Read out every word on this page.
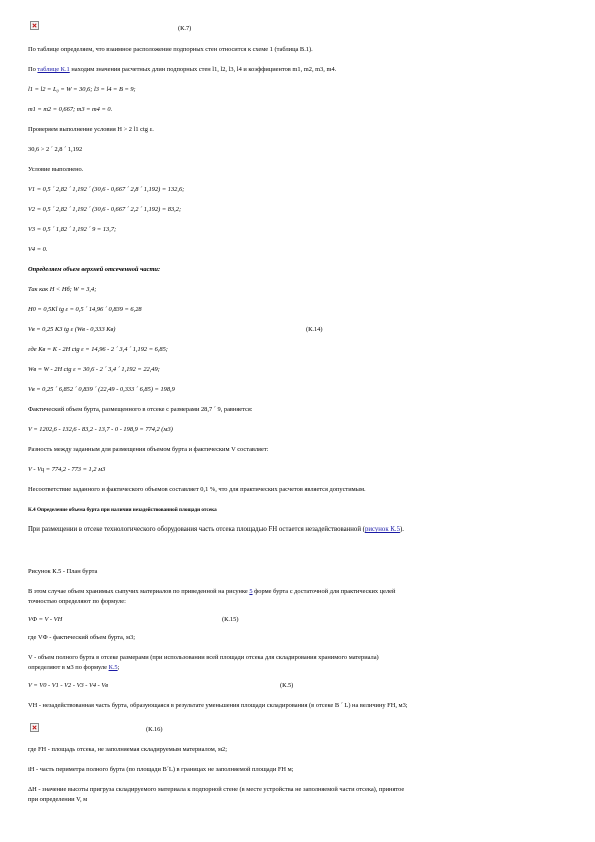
(К.7)
По таблице определяем, что взаимное расположение подпорных стен относится к схеме 1 (таблица В.1).
По таблице К.1 находим значения расчетных длин подпорных стен l1, l2, l3, l4 и коэффициентов m1, m2, m3, m4.
l1 = l2 = L₀ = W = 30,6; l3 = l4 = B = 9;
m1 = m2 = 0,667; m3 = m4 = 0.
Проверяем выполнение условия H > 2 l1 ctg ε.
30,6 > 2 ´ 2,8 ´ 1,192
Условие выполнено.
V1 = 0,5 ´ 2,82 ´ 1,192 ´ (30,6 - 0,667 ´ 2,8 ´ 1,192) = 132,6;
V2 = 0,5 ´ 2,82 ´ 1,192 ´ (30,6 - 0,667 ´ 2,2 ´ 1,192) = 83,2;
V3 = 0,5 ´ 1,82 ´ 1,192 ´ 9 = 13,7;
V4 = 0.
Определяем объем верхней отсеченной части:
Так как H < Hб; W = 3,4;
H0 = 0,5Kl tg ε = 0,5 ´ 14,96 ´ 0,839 = 6,28
Vв = 0,25 K3 tg ε (Wв - 0,333 Kв)	(К.14)
где Kв = K - 2H ctg ε = 14,96 - 2 ´ 3,4 ´ 1,192 = 6,85;
Wв = W - 2H ctg ε = 30,6 - 2 ´ 3,4 ´ 1,192 = 22,49;
Vв = 0,25 ´ 6,852 ´ 0,839 ´ (22,49 - 0,333 ´ 6,85) = 198,9
Фактический объем бурта, размещенного в отсеке с размерами 28,7 ´ 9, равняется:
V = 1202,6 - 132,6 - 83,2 - 13,7 - 0 - 198,9 = 774,2 (м3)
Разность между заданным для размещения объемом бурта и фактическим V составляет:
V - Vц = 774,2 - 773 = 1,2 м3
Несоответствие заданного и фактического объемов составляет 0,1 %, что для практических расчетов является допустимым.
К.4 Определение объема бурта при наличии незадействованной площади отсека
При размещении в отсеке технологического оборудования часть отсека площадью FH остается незадействованной (рисунок К.5).
Рисунок К.5 - План бурта
В этом случае объем хранимых сыпучих материалов по приведенной на рисунке 5 форме бурта с достаточной для практических целей
точностью определяют по формуле:
VФ = V - VH	(К.15)
где VФ - фактический объем бурта, м3;
V - объем полного бурта в отсеке размерами (при использовании всей площади отсека для складирования хранимого материала)
определяют в м3 по формуле К.5;
V = V0 - V1 - V2 - V3 - V4 - Vв	(К.5)
VH - незадействованная часть бурта, образующаяся в результате уменьшения площади складирования (в отсеке B ´ L) на величину FH, м3;
(К.16)
где FH - площадь отсека, не заполняемая складируемым материалом, м2;
iH - часть периметра полного бурта (по площади B´L) в границах не заполняемой площади FH м;
ΔH - значение высоты пригруза складируемого материала к подпорной стене (в месте устройства не заполняемой части отсека), принятое
при определении V, м
